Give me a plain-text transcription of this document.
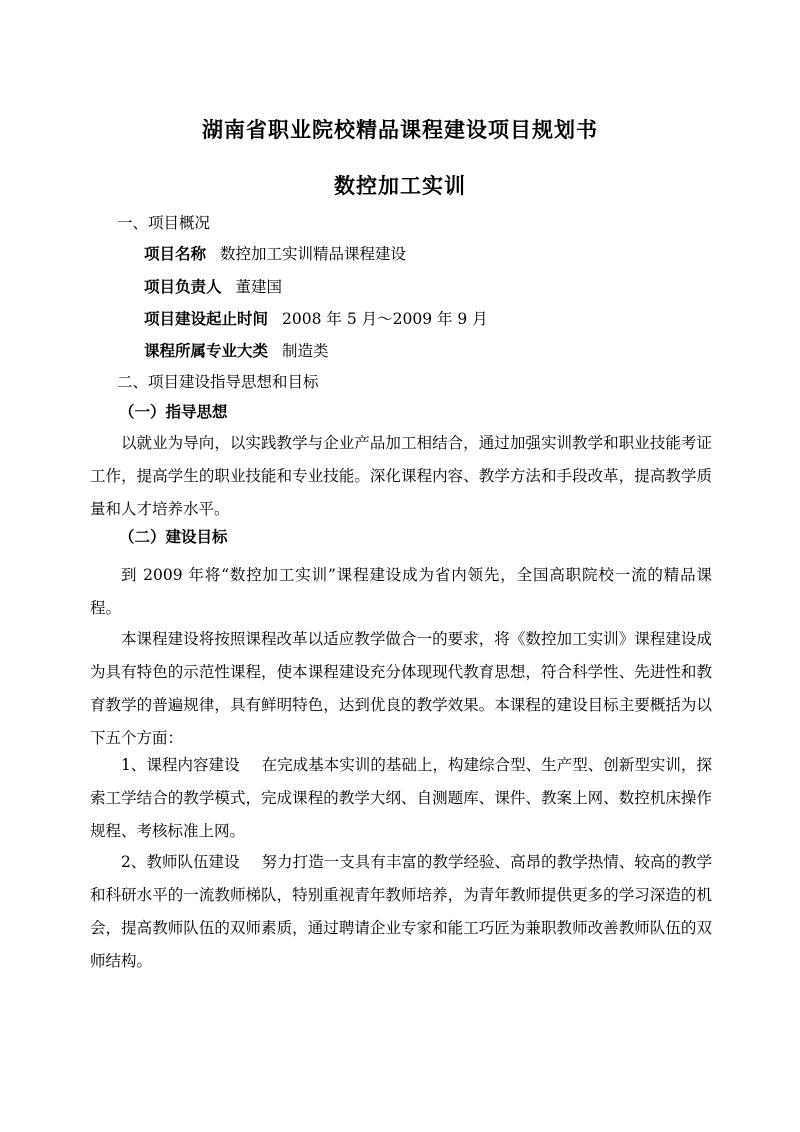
湖南省职业院校精品课程建设项目规划书
数控加工实训
一、项目概况
项目名称 数控加工实训精品课程建设
项目负责人 董建国
项目建设起止时间 2008 年 5 月～2009 年 9 月
课程所属专业大类 制造类
二、项目建设指导思想和目标
（一）指导思想
以就业为导向，以实践教学与企业产品加工相结合，通过加强实训教学和职业技能考证工作，提高学生的职业技能和专业技能。深化课程内容、教学方法和手段改革，提高教学质量和人才培养水平。
（二）建设目标
到 2009 年将“数控加工实训”课程建设成为省内领先，全国高职院校一流的精品课程。
本课程建设将按照课程改革以适应教学做合一的要求，将《数控加工实训》课程建设成为具有特色的示范性课程，使本课程建设充分体现现代教育思想，符合科学性、先进性和教育教学的普遍规律，具有鲜明特色，达到优良的教学效果。本课程的建设目标主要概括为以下五个方面：
1、课程内容建设 在完成基本实训的基础上，构建综合型、生产型、创新型实训，探索工学结合的教学模式，完成课程的教学大纲、自测题库、课件、教案上网、数控机床操作规程、考核标准上网。
2、教师队伍建设 努力打造一支具有丰富的教学经验、高昂的教学热情、较高的教学和科研水平的一流教师梯队，特别重视青年教师培养，为青年教师提供更多的学习深造的机会，提高教师队伍的双师素质，通过聘请企业专家和能工巧匠为兼职教师改善教师队伍的双师结构。
